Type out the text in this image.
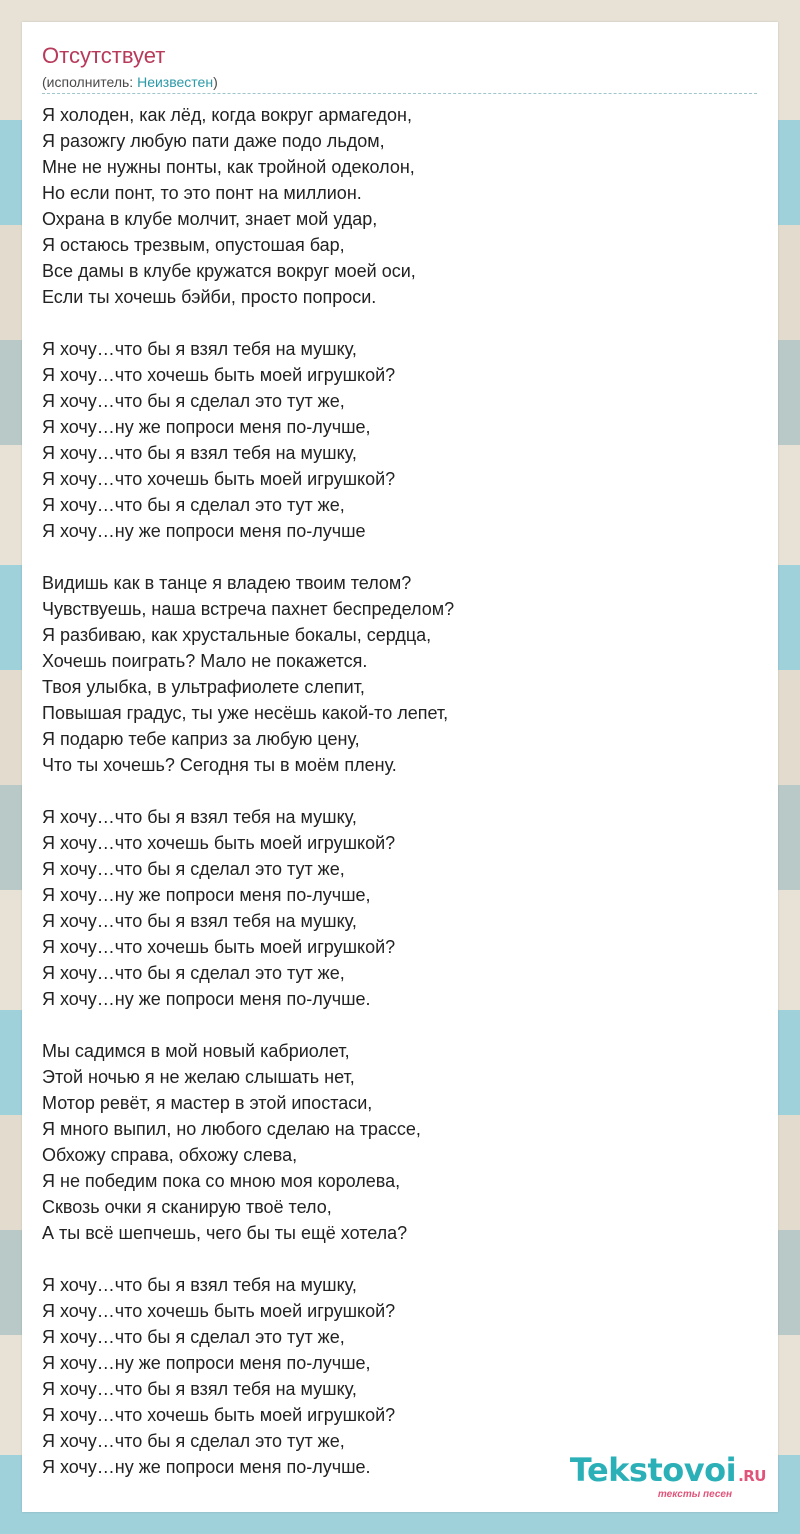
Отсутствует
(исполнитель: Неизвестен)
Я холоден, как лёд, когда вокруг армагедон,
Я разожгу любую пати даже подо льдом,
Мне не нужны понты, как тройной одеколон,
Но если понт, то это понт на миллион.
Охрана в клубе молчит, знает мой удар,
Я остаюсь трезвым, опустошая бар,
Все дамы в клубе кружатся вокруг моей оси,
Если ты хочешь бэйби, просто попроси.
Я хочу…что бы я взял тебя на мушку,
Я хочу…что хочешь быть моей игрушкой?
Я хочу…что бы я сделал это тут же,
Я хочу…ну же попроси меня по-лучше,
Я хочу…что бы я взял тебя на мушку,
Я хочу…что хочешь быть моей игрушкой?
Я хочу…что бы я сделал это тут же,
Я хочу…ну же попроси меня по-лучше
Видишь как в танце я владею твоим телом?
Чувствуешь, наша встреча пахнет беспределом?
Я разбиваю, как хрустальные бокалы, сердца,
Хочешь поиграть? Мало не покажется.
Твоя улыбка, в ультрафиолете слепит,
Повышая градус, ты уже несёшь какой-то лепет,
Я подарю тебе каприз за любую цену,
Что ты хочешь? Сегодня ты в моём плену.
Я хочу…что бы я взял тебя на мушку,
Я хочу…что хочешь быть моей игрушкой?
Я хочу…что бы я сделал это тут же,
Я хочу…ну же попроси меня по-лучше,
Я хочу…что бы я взял тебя на мушку,
Я хочу…что хочешь быть моей игрушкой?
Я хочу…что бы я сделал это тут же,
Я хочу…ну же попроси меня по-лучше.
Мы садимся в мой новый кабриолет,
Этой ночью я не желаю слышать нет,
Мотор ревёт, я мастер в этой ипостаси,
Я много выпил, но любого сделаю на трассе,
Обхожу справа, обхожу слева,
Я не победим пока со мною моя королева,
Сквозь очки я сканирую твоё тело,
А ты всё шепчешь, чего бы ты ещё хотела?
Я хочу…что бы я взял тебя на мушку,
Я хочу…что хочешь быть моей игрушкой?
Я хочу…что бы я сделал это тут же,
Я хочу…ну же попроси меня по-лучше,
Я хочу…что бы я взял тебя на мушку,
Я хочу…что хочешь быть моей игрушкой?
Я хочу…что бы я сделал это тут же,
Я хочу…ну же попроси меня по-лучше.	Tekstovoi .RU
тексты песен
